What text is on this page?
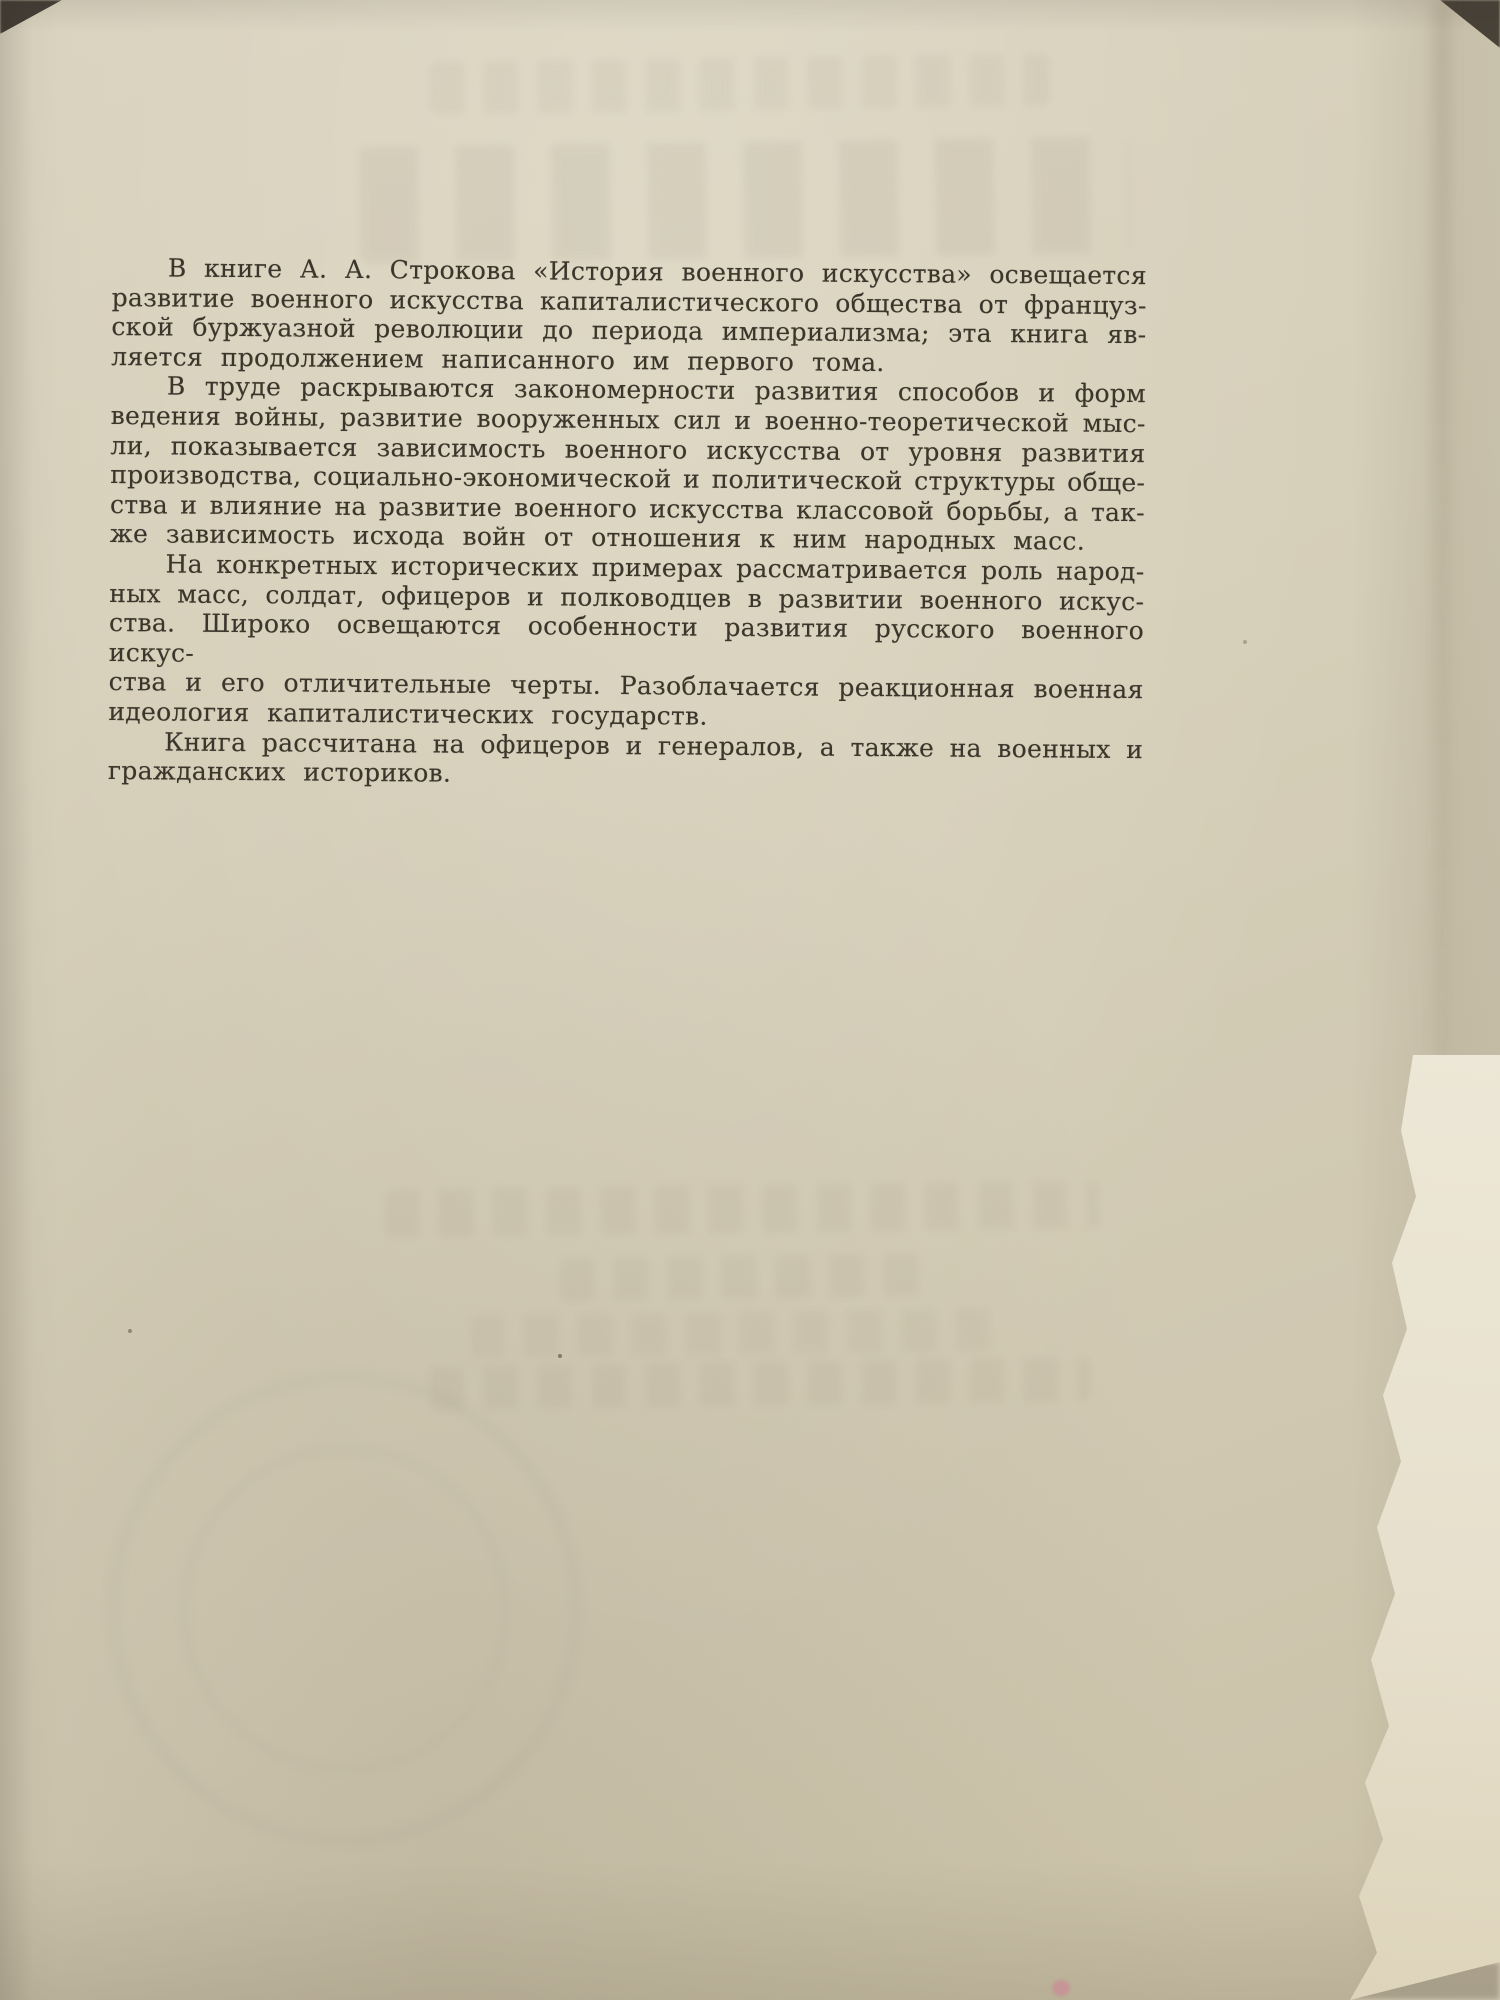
В книге А. А. Строкова «История военного искусства» освещается
развитие военного искусства капиталистического общества от француз-
ской буржуазной революции до периода империализма; эта книга яв-
ляется продолжением написанного им первого тома.
В труде раскрываются закономерности развития способов и форм
ведения войны, развитие вооруженных сил и военно-теоретической мыс-
ли, показывается зависимость военного искусства от уровня развития
производства, социально-экономической и политической структуры обще-
ства и влияние на развитие военного искусства классовой борьбы, а так-
же зависимость исхода войн от отношения к ним народных масс.
На конкретных исторических примерах рассматривается роль народ-
ных масс, солдат, офицеров и полководцев в развитии военного искус-
ства. Широко освещаются особенности развития русского военного искус-
ства и его отличительные черты. Разоблачается реакционная военная
идеология капиталистических государств.
Книга рассчитана на офицеров и генералов, а также на военных и
гражданских историков.
